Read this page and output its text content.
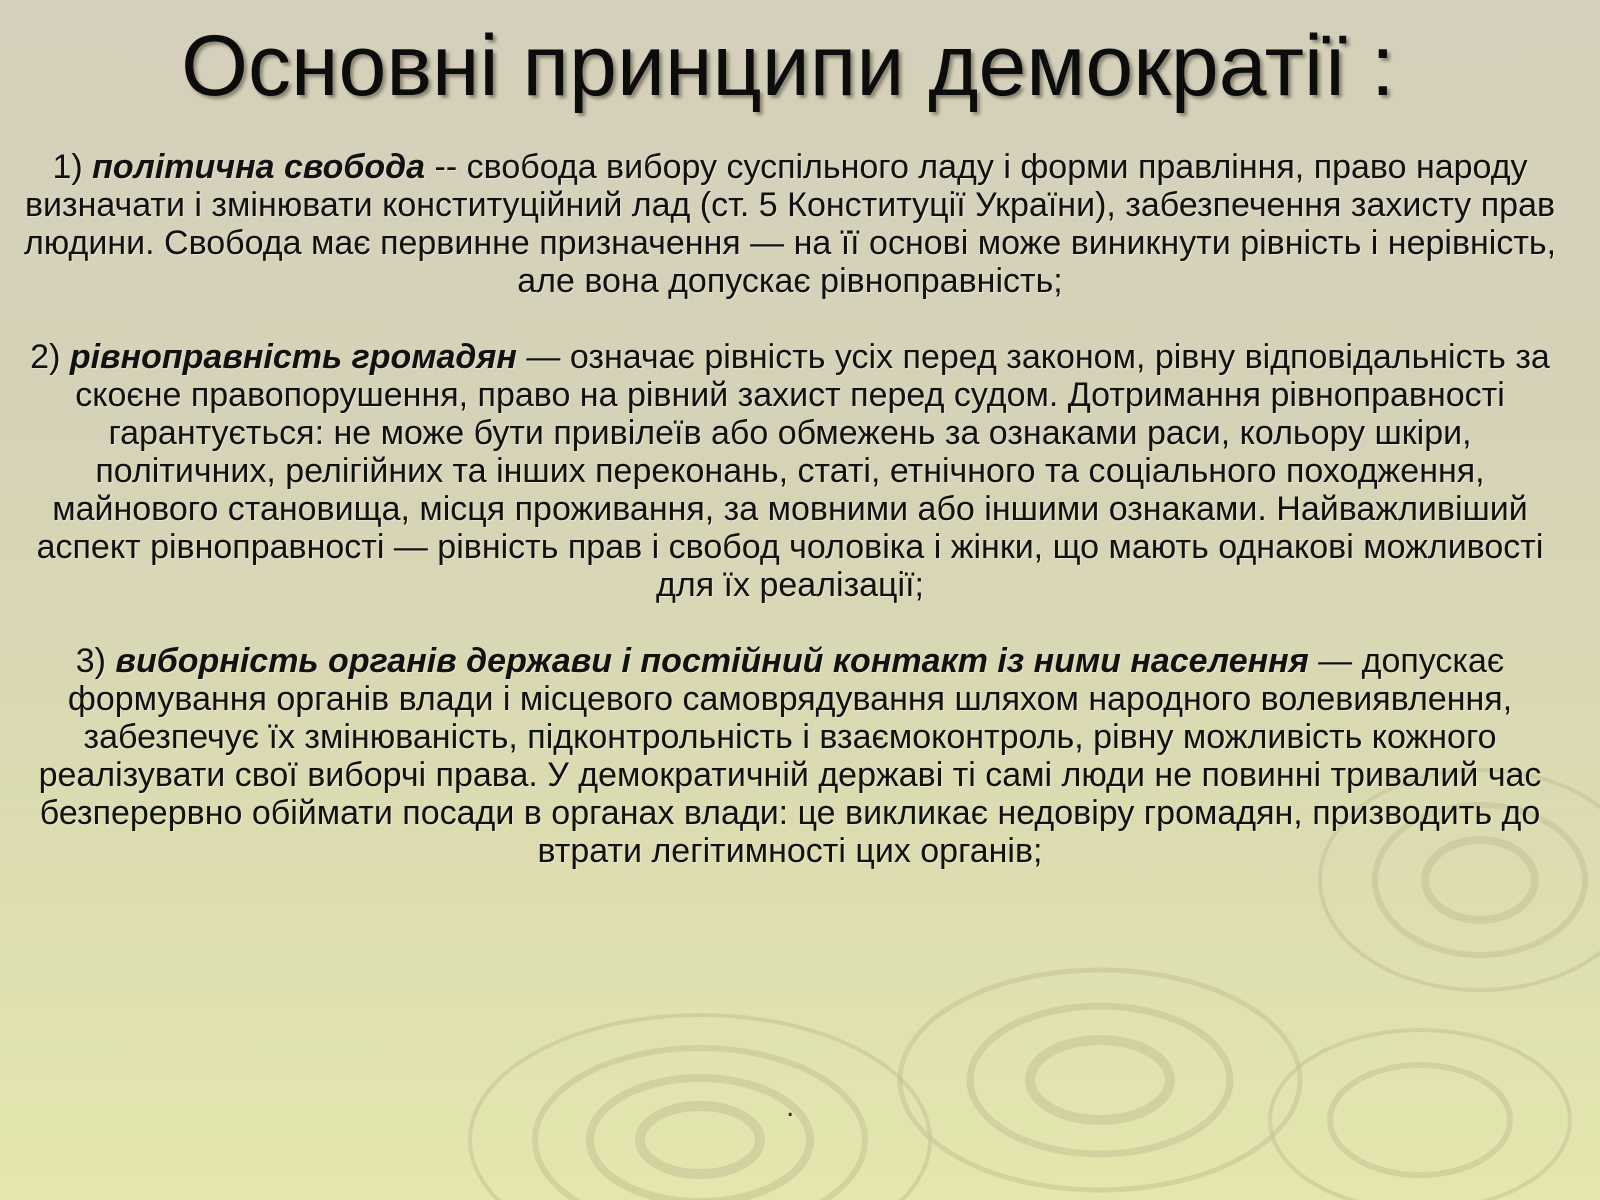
Основні принципи демократії :

1) політична свобода -- свобода вибору суспільного ладу і форми правління, право народу визначати і змінювати конституційний лад (ст. 5 Конституції України), забезпечення захисту прав людини. Свобода має первинне призначення — на її основі може виникнути рівність і нерівність, але вона допускає рівноправність;

2) рівноправність громадян — означає рівність усіх перед законом, рівну відповідальність за скоєне правопорушення, право на рівний захист перед судом. Дотримання рівноправності гарантується: не може бути привілеїв або обмежень за ознаками раси, кольору шкіри, політичних, релігійних та інших переконань, статі, етнічного та соціального походження, майнового становища, місця проживання, за мовними або іншими ознаками. Найважливіший аспект рівноправності — рівність прав і свобод чоловіка і жінки, що мають однакові можливості для їх реалізації;

3) виборність органів держави і постійний контакт із ними населення — допускає формування органів влади і місцевого самоврядування шляхом народного волевиявлення, забезпечує їх змінюваність, підконтрольність і взаємоконтроль, рівну можливість кожного реалізувати свої виборчі права. У демократичній державі ті самі люди не повинні тривалий час безперервно обіймати посади в органах влади: це викликає недовіру громадян, призводить до втрати легітимності цих органів;

.
